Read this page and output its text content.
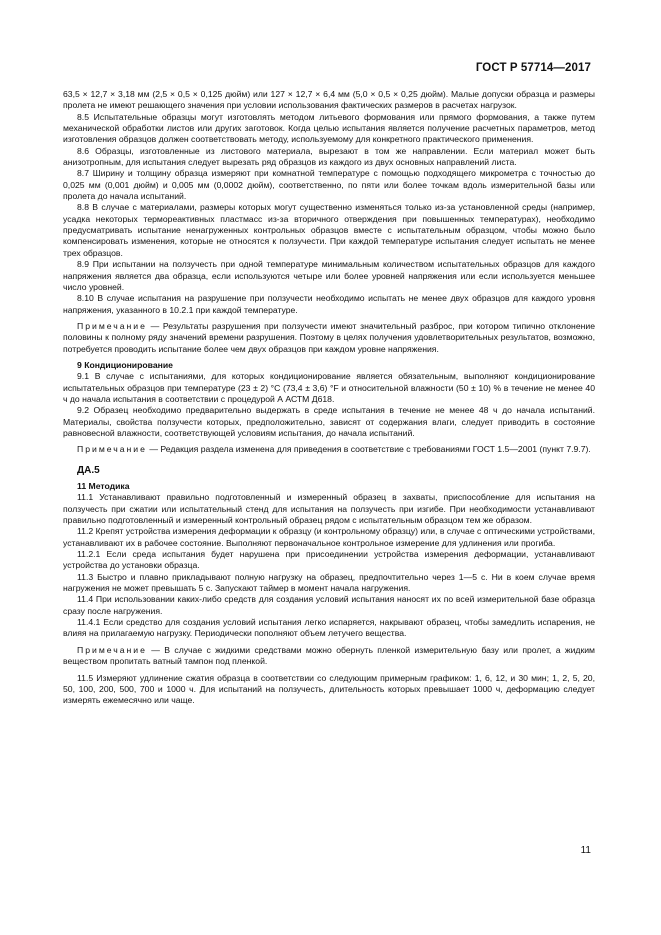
ГОСТ Р 57714—2017

63,5 × 12,7 × 3,18 мм (2,5 × 0,5 × 0,125 дюйм) или 127 × 12,7 × 6,4 мм (5,0 × 0,5 × 0,25 дюйм). Малые допуски образца и размеры пролета не имеют решающего значения при условии использования фактических размеров в расчетах нагрузок.

8.5 Испытательные образцы могут изготовлять методом литьевого формования или прямого формования, а также путем механической обработки листов или других заготовок. Когда целью испытания является получение расчетных параметров, метод изготовления образцов должен соответствовать методу, используемому для конкретного практического применения.

8.6 Образцы, изготовленные из листового материала, вырезают в том же направлении. Если материал может быть анизотропным, для испытания следует вырезать ряд образцов из каждого из двух основных направлений листа.

8.7 Ширину и толщину образца измеряют при комнатной температуре с помощью подходящего микрометра с точностью до 0,025 мм (0,001 дюйм) и 0,005 мм (0,0002 дюйм), соответственно, по пяти или более точкам вдоль измерительной базы или пролета до начала испытаний.

8.8 В случае с материалами, размеры которых могут существенно изменяться только из-за установленной среды (например, усадка некоторых термореактивных пластмасс из-за вторичного отверждения при повышенных температурах), необходимо предусматривать испытание ненагруженных контрольных образцов вместе с испытательным образцом, чтобы можно было компенсировать изменения, которые не относятся к ползучести. При каждой температуре испытания следует испытать не менее трех образцов.

8.9 При испытании на ползучесть при одной температуре минимальным количеством испытательных образцов для каждого напряжения является два образца, если используются четыре или более уровней напряжения или если используется меньшее число уровней.

8.10 В случае испытания на разрушение при ползучести необходимо испытать не менее двух образцов для каждого уровня напряжения, указанного в 10.2.1 при каждой температуре.

Примечание — Результаты разрушения при ползучести имеют значительный разброс, при котором типично отклонение половины к полному ряду значений времени разрушения. Поэтому в целях получения удовлетворительных результатов, возможно, потребуется проводить испытание более чем двух образцов при каждом уровне напряжения.

9 Кондиционирование

9.1 В случае с испытаниями, для которых кондиционирование является обязательным, выполняют кондиционирование испытательных образцов при температуре (23 ± 2) °С (73,4 ± 3,6) °F и относительной влажности (50 ± 10) % в течение не менее 40 ч до начала испытания в соответствии с процедурой А АСТМ Д618.

9.2 Образец необходимо предварительно выдержать в среде испытания в течение не менее 48 ч до начала испытаний. Материалы, свойства ползучести которых, предположительно, зависят от содержания влаги, следует приводить в состояние равновесной влажности, соответствующей условиям испытания, до начала испытаний.

Примечание — Редакция раздела изменена для приведения в соответствие с требованиями ГОСТ 1.5—2001 (пункт 7.9.7).

ДА.5

11 Методика

11.1 Устанавливают правильно подготовленный и измеренный образец в захваты, приспособление для испытания на ползучесть при сжатии или испытательный стенд для испытания на ползучесть при изгибе. При необходимости устанавливают правильно подготовленный и измеренный контрольный образец рядом с испытательным образцом тем же образом.

11.2 Крепят устройства измерения деформации к образцу (и контрольному образцу) или, в случае с оптическими устройствами, устанавливают их в рабочее состояние. Выполняют первоначальное контрольное измерение для удлинения или прогиба.

11.2.1 Если среда испытания будет нарушена при присоединении устройства измерения деформации, устанавливают устройства до установки образца.

11.3 Быстро и плавно прикладывают полную нагрузку на образец, предпочтительно через 1—5 с. Ни в коем случае время нагружения не может превышать 5 с. Запускают таймер в момент начала нагружения.

11.4 При использовании каких-либо средств для создания условий испытания наносят их по всей измерительной базе образца сразу после нагружения.

11.4.1 Если средство для создания условий испытания легко испаряется, накрывают образец, чтобы замедлить испарения, не влияя на прилагаемую нагрузку. Периодически пополняют объем летучего вещества.

Примечание — В случае с жидкими средствами можно обернуть пленкой измерительную базу или пролет, а жидким веществом пропитать ватный тампон под пленкой.

11.5 Измеряют удлинение сжатия образца в соответствии со следующим примерным графиком: 1, 6, 12, и 30 мин; 1, 2, 5, 20, 50, 100, 200, 500, 700 и 1000 ч. Для испытаний на ползучесть, длительность которых превышает 1000 ч, деформацию следует измерять ежемесячно или чаще.

11
